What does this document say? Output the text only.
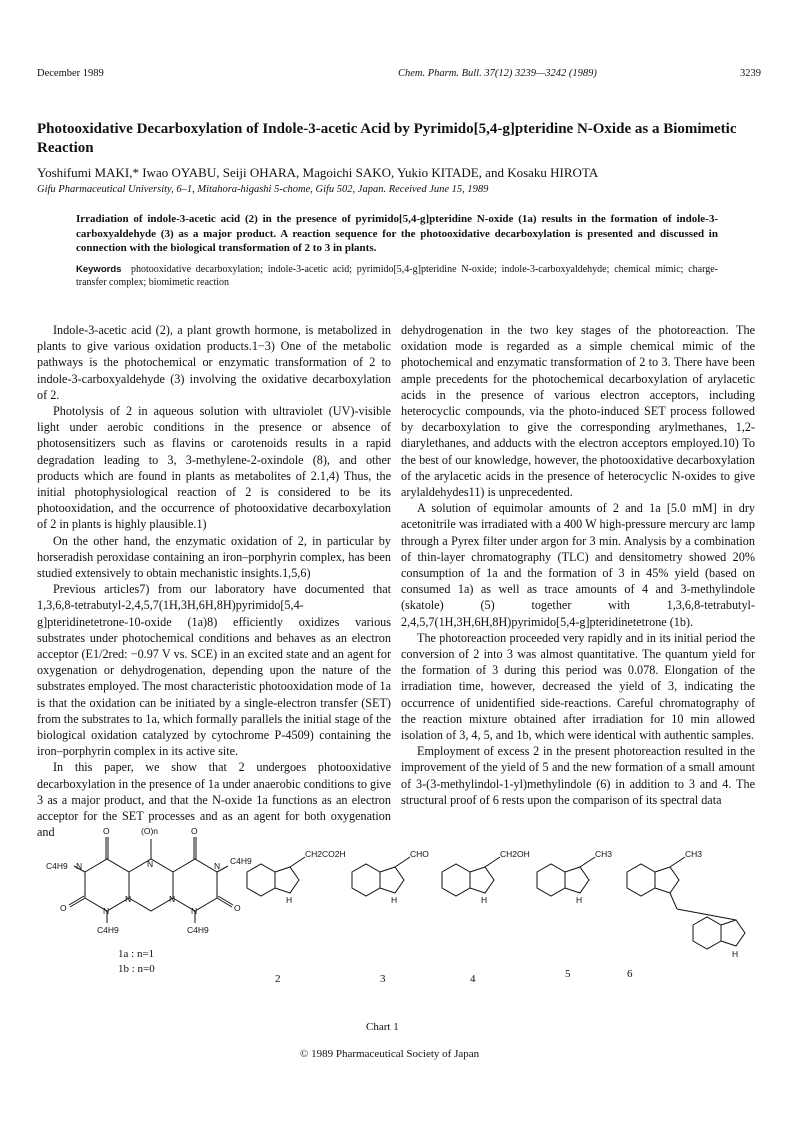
December 1989	Chem. Pharm. Bull. 37(12) 3239—3242 (1989)	3239
Photooxidative Decarboxylation of Indole-3-acetic Acid by Pyrimido[5,4-g]pteridine N-Oxide as a Biomimetic Reaction
Yoshifumi MAKI,* Iwao OYABU, Seiji OHARA, Magoichi SAKO, Yukio KITADE, and Kosaku HIROTA
Gifu Pharmaceutical University, 6–1, Mitahora-higashi 5-chome, Gifu 502, Japan. Received June 15, 1989

Irradiation of indole-3-acetic acid (2) in the presence of pyrimido[5,4-g]pteridine N-oxide (1a) results in the formation of indole-3-carboxyaldehyde (3) as a major product. A reaction sequence for the photooxidative decarboxylation is presented and discussed in connection with the biological transformation of 2 to 3 in plants.

Keywords photooxidative decarboxylation; indole-3-acetic acid; pyrimido[5,4-g]pteridine N-oxide; indole-3-carboxyaldehyde; chemical mimic; charge-transfer complex; biomimetic reaction

Indole-3-acetic acid (2), a plant growth hormone, is metabolized in plants to give various oxidation products.1−3) One of the metabolic pathways is the photochemical or enzymatic transformation of 2 to indole-3-carboxyaldehyde (3) involving the oxidative decarboxylation of 2.

Photolysis of 2 in aqueous solution with ultraviolet (UV)-visible light under aerobic conditions in the presence or absence of photosensitizers such as flavins or carotenoids results in a rapid degradation leading to 3, 3-methylene-2-oxindole (8), and other products which are found in plants as metabolites of 2.1,4) Thus, the initial photophysiological reaction of 2 is considered to be its photooxidation, and the occurrence of photooxidative decarboxylation of 2 in plants is highly plausible.1)

On the other hand, the enzymatic oxidation of 2, in particular by horseradish peroxidase containing an iron–porphyrin complex, has been studied extensively to obtain mechanistic insights.1,5,6)

Previous articles7) from our laboratory have documented that 1,3,6,8-tetrabutyl-2,4,5,7(1H,3H,6H,8H)pyrimido[5,4-g]pteridinetetrone-10-oxide (1a)8) efficiently oxidizes various substrates under photochemical conditions and behaves as an electron acceptor (E1/2red: −0.97 V vs. SCE) in an excited state and an agent for oxygenation or dehydrogenation, depending upon the nature of the substrates employed. The most characteristic photooxidation mode of 1a is that the oxidation can be initiated by a single-electron transfer (SET) from the substrates to 1a, which formally parallels the initial stage of the biological oxidation catalyzed by cytochrome P-4509) containing the iron–porphyrin complex in its active site.

In this paper, we show that 2 undergoes photooxidative decarboxylation in the presence of 1a under anaerobic conditions to give 3 as a major product, and that the N-oxide 1a functions as an electron acceptor for the SET processes and as an agent for both oxygenation and

dehydrogenation in the two key stages of the photoreaction. The oxidation mode is regarded as a simple chemical mimic of the photochemical and enzymatic transformation of 2 to 3. There have been ample precedents for the photochemical decarboxylation of arylacetic acids in the presence of various electron acceptors, including heterocyclic compounds, via the photo-induced SET process followed by decarboxylation to give the corresponding arylmethanes, 1,2-diarylethanes, and adducts with the electron acceptors employed.10) To the best of our knowledge, however, the photooxidative decarboxylation of the arylacetic acids in the presence of heterocyclic N-oxides to give arylaldehydes11) is unprecedented.

A solution of equimolar amounts of 2 and 1a [5.0 mM] in dry acetonitrile was irradiated with a 400 W high-pressure mercury arc lamp through a Pyrex filter under argon for 3 min. Analysis by a combination of thin-layer chromatography (TLC) and densitometry showed 20% consumption of 1a and the formation of 3 in 45% yield (based on consumed 1a) as well as trace amounts of 4 and 3-methylindole (skatole) (5) together with 1,3,6,8-tetrabutyl-2,4,5,7(1H,3H,6H,8H)pyrimido[5,4-g]pteridinetetrone (1b).

The photoreaction proceeded very rapidly and in its initial period the conversion of 2 into 3 was almost quantitative. The quantum yield for the formation of 3 during this period was 0.078. Elongation of the irradiation time, however, decreased the yield of 3, indicating the occurrence of unidentified side-reactions. Careful chromatography of the reaction mixture obtained after irradiation for 10 min allowed isolation of 3, 4, 5, and 1b, which were identical with authentic samples.

Employment of excess 2 in the present photoreaction resulted in the improvement of the yield of 5 and the new formation of a small amount of 3-(3-methylindol-1-yl)methylindole (6) in addition to 3 and 4. The structural proof of 6 rests upon the comparison of its spectral data

O	(O)n	O
C4H9 N	N	N C4H9
O	N
N	N
N	O
C4H9	C4H9
1a : n=1
1b : n=0
CH2CO2H
H
2
CHO
H
3
CH2OH
H
4
CH3
H
5
CH3
H
6
Chart 1
© 1989 Pharmaceutical Society of Japan
